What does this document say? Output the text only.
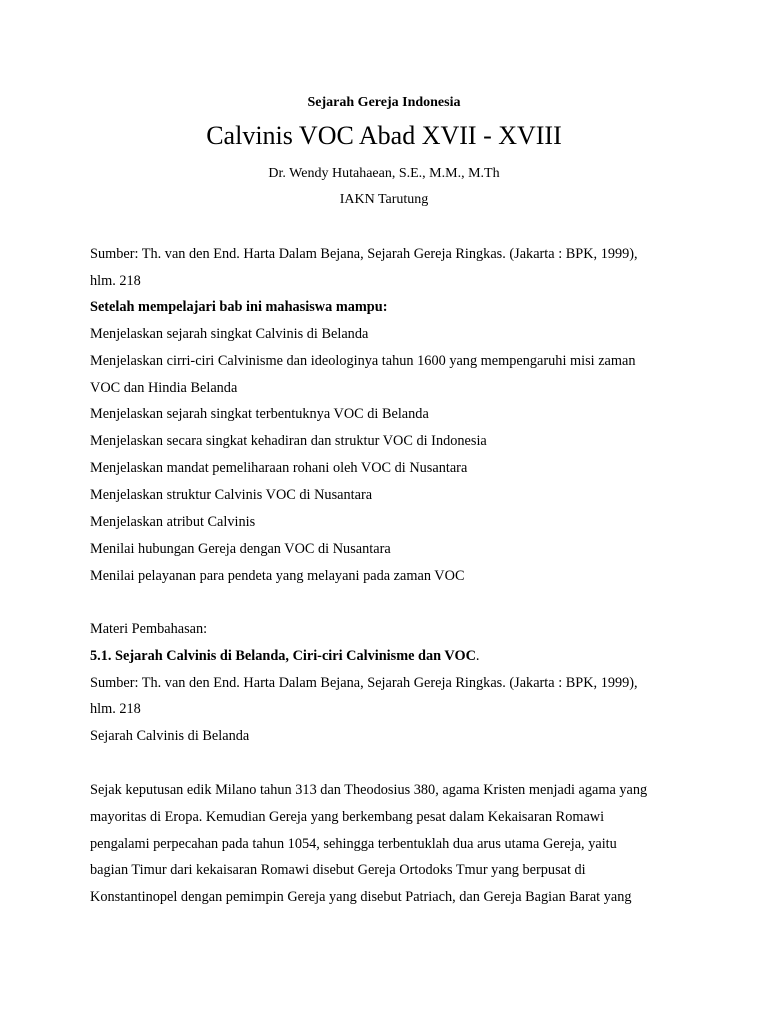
Sejarah Gereja Indonesia
Calvinis VOC Abad XVII - XVIII
Dr. Wendy Hutahaean, S.E., M.M., M.Th
IAKN Tarutung
Sumber: Th. van den End. Harta Dalam Bejana, Sejarah Gereja Ringkas. (Jakarta : BPK, 1999),
hlm. 218
Setelah mempelajari bab ini mahasiswa mampu:
Menjelaskan sejarah singkat Calvinis di Belanda
Menjelaskan cirri-ciri Calvinisme dan ideologinya tahun 1600 yang mempengaruhi misi zaman
VOC dan Hindia Belanda
Menjelaskan sejarah singkat terbentuknya VOC di Belanda
Menjelaskan secara singkat kehadiran dan struktur VOC di Indonesia
Menjelaskan mandat pemeliharaan rohani oleh VOC di Nusantara
Menjelaskan struktur Calvinis VOC di Nusantara
Menjelaskan atribut Calvinis
Menilai hubungan Gereja dengan VOC di Nusantara
Menilai pelayanan para pendeta yang melayani pada zaman VOC
Materi Pembahasan:
5.1. Sejarah Calvinis di Belanda, Ciri-ciri Calvinisme dan VOC.
Sumber: Th. van den End. Harta Dalam Bejana, Sejarah Gereja Ringkas. (Jakarta : BPK, 1999),
hlm. 218
Sejarah Calvinis di Belanda
Sejak keputusan edik Milano tahun 313 dan Theodosius 380, agama Kristen menjadi agama yang
mayoritas di Eropa. Kemudian Gereja yang berkembang pesat dalam Kekaisaran Romawi
pengalami perpecahan pada tahun 1054, sehingga terbentuklah dua arus utama Gereja, yaitu
bagian Timur dari kekaisaran Romawi disebut Gereja Ortodoks Tmur yang berpusat di
Konstantinopel dengan pemimpin Gereja yang disebut Patriach, dan Gereja Bagian Barat yang
